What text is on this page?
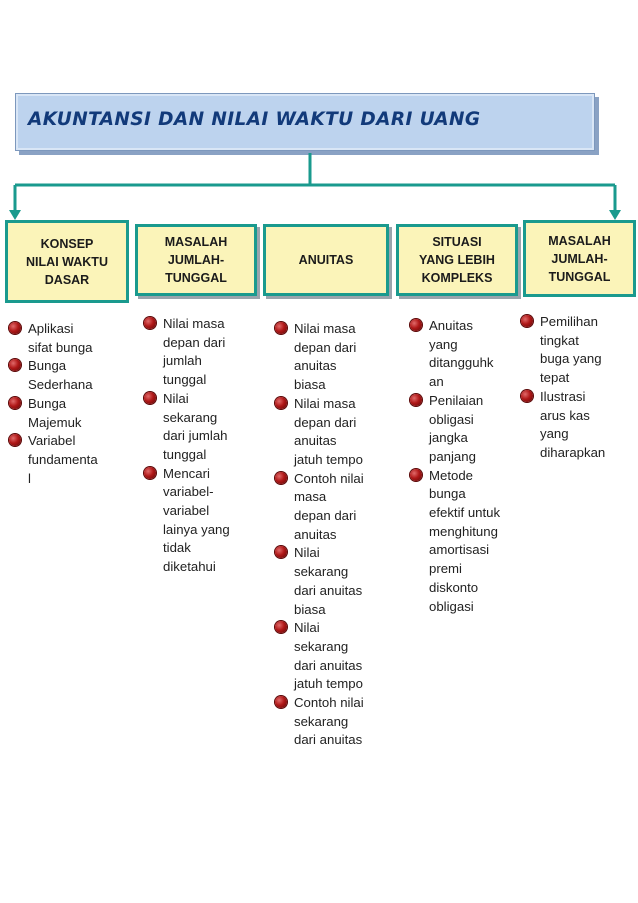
AKUNTANSI DAN NILAI WAKTU DARI UANG
KONSEP
NILAI WAKTU
DASAR
MASALAH
JUMLAH-
TUNGGAL
ANUITAS
SITUASI
YANG LEBIH
KOMPLEKS
MASALAH
JUMLAH-
TUNGGAL
Aplikasi
sifat bunga
Bunga
Sederhana
Bunga
Majemuk
Variabel
fundamenta
l
Nilai masa
depan dari
jumlah
tunggal
Nilai
sekarang
dari jumlah
tunggal
Mencari
variabel-
variabel
lainya yang
tidak
diketahui
Nilai masa
depan dari
anuitas
biasa
Nilai masa
depan dari
anuitas
jatuh tempo
Contoh nilai
masa
depan dari
anuitas
Nilai
sekarang
dari anuitas
biasa
Nilai
sekarang
dari anuitas
jatuh tempo
Contoh nilai
sekarang
dari anuitas
Anuitas
yang
ditangguhk
an
Penilaian
obligasi
jangka
panjang
Metode
bunga
efektif untuk
menghitung
amortisasi
premi
diskonto
obligasi
Pemilihan
tingkat
buga yang
tepat
Ilustrasi
arus kas
yang
diharapkan
